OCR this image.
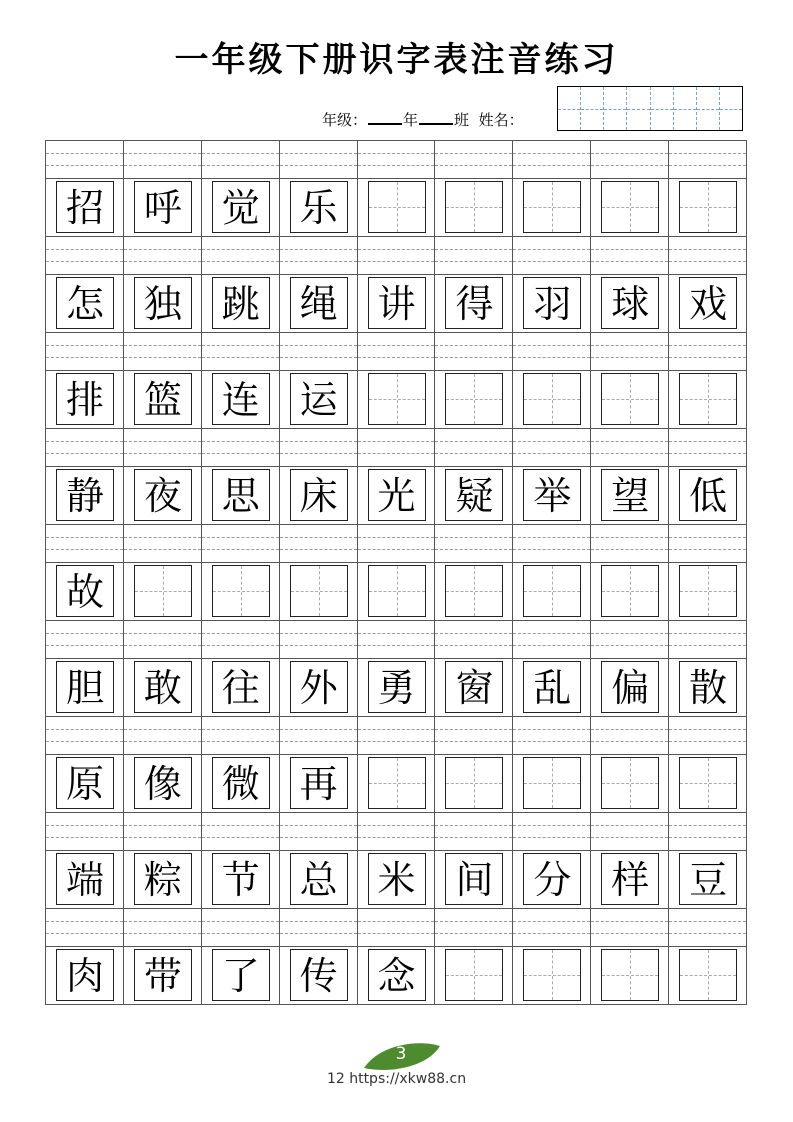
一年级下册识字表注音练习
年级： 年 班 姓名：
招 呼 觉 乐
怎 独 跳 绳 讲 得 羽 球 戏
排 篮 连 运
静 夜 思 床 光 疑 举 望 低
故
胆 敢 往 外 勇 窗 乱 偏 散
原 像 微 再
端 粽 节 总 米 间 分 样 豆
肉 带 了 传 念
3
12 https://xkw88.cn
